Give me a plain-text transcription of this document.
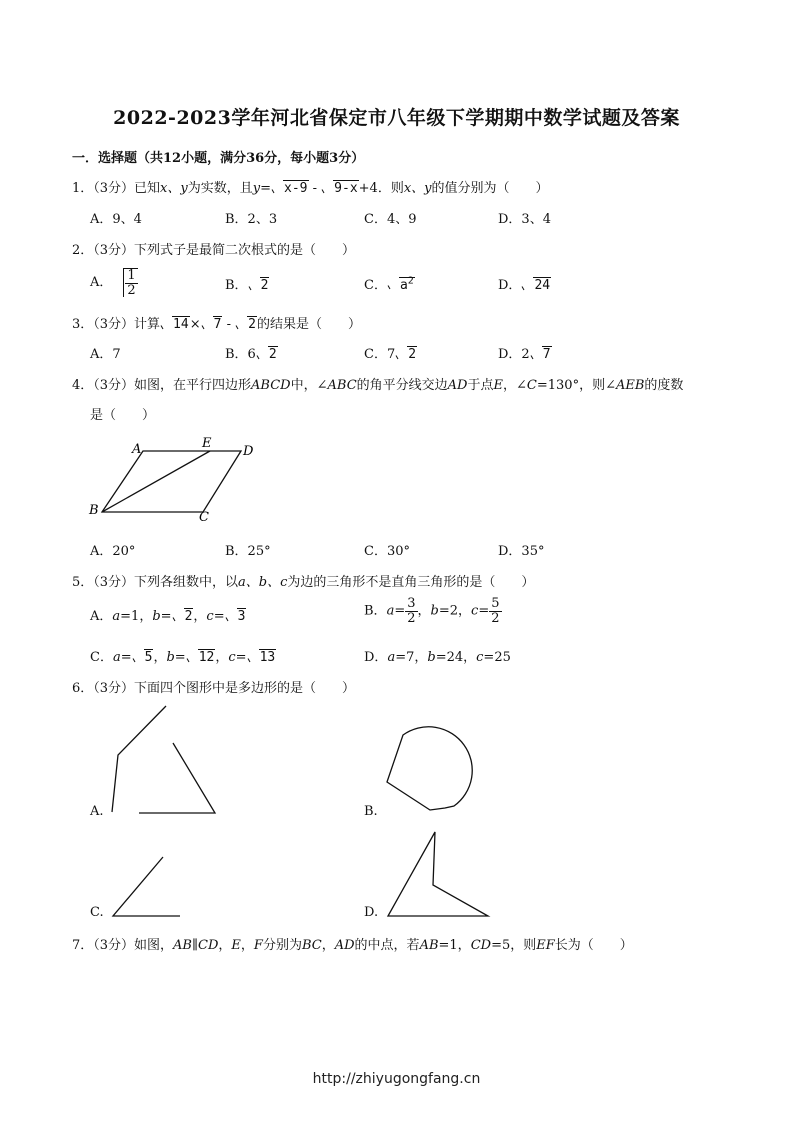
2022-2023学年河北省保定市八年级下学期期中数学试题及答案
一．选择题（共12小题，满分36分，每小题3分）
1．（3分）已知x、y为实数，且y= x-9 - 9-x+4．则x、y的值分别为（　　）
A．9、4	B．2、3	C．4、9	D．3、4
2．（3分）下列式子是最简二次根式的是（　　）
A． $\frac{1}{2}$	B． 2	C． $a^2$	D． 24
3．（3分）计算 14× 7 - 2的结果是（　　）
A．7	B．6 2	C．7 2	D．2 7
4．（3分）如图，在平行四边形ABCD中，∠ABC的角平分线交边AD于点E，∠C=130°，则∠AEB的度数
是（　　）
A	E
D
B	C
A．20°	B．25°	C．30°	D．35°
5．（3分）下列各组数中，以a、b、c为边的三角形不是直角三角形的是（　　）
A．a=1，b= 2，c= 3	B．$a= \frac{3}{2}$ ，b=2，$c= \frac{5}{2}$
C．a= 5，b= 12，c= 13	D．a=7，b=24，c=25
6．（3分）下面四个图形中是多边形的是（　　）
A.	B.
C.	D.
7．（3分）如图，AB∥CD，E，F分别为BC，AD的中点，若AB=1，CD=5，则EF长为（　　）
http://zhiyugongfang.cn
